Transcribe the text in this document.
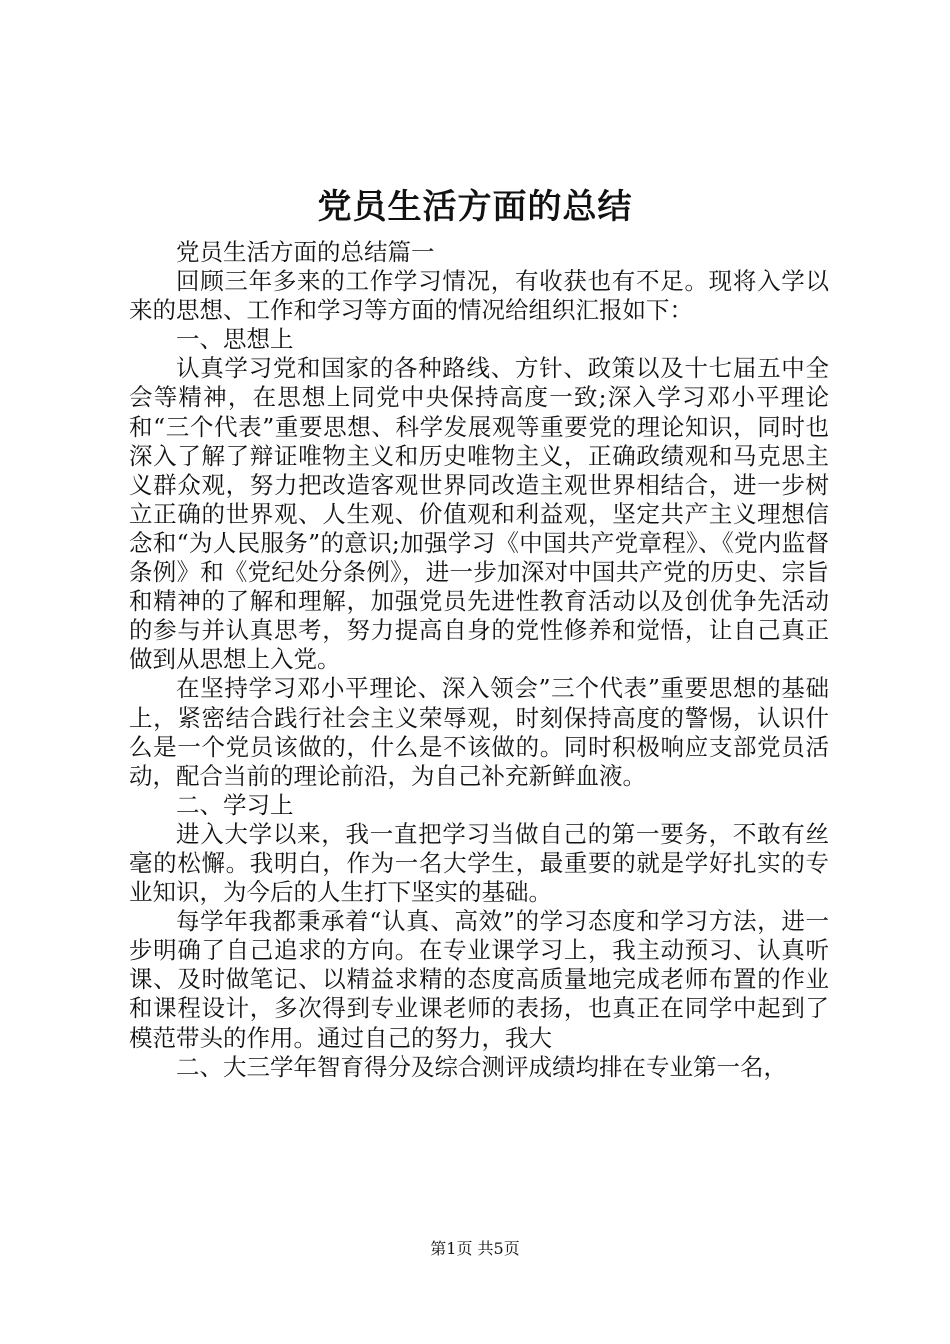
党员生活方面的总结

党员生活方面的总结篇一

回顾三年多来的工作学习情况，有收获也有不足。现将入学以来的思想、工作和学习等方面的情况给组织汇报如下：

一、思想上

认真学习党和国家的各种路线、方针、政策以及十七届五中全会等精神，在思想上同党中央保持高度一致;深入学习邓小平理论和“三个代表”重要思想、科学发展观等重要党的理论知识，同时也深入了解了辩证唯物主义和历史唯物主义，正确政绩观和马克思主义群众观，努力把改造客观世界同改造主观世界相结合，进一步树立正确的世界观、人生观、价值观和利益观，坚定共产主义理想信念和“为人民服务”的意识;加强学习《中国共产党章程》、《党内监督条例》和《党纪处分条例》，进一步加深对中国共产党的历史、宗旨和精神的了解和理解，加强党员先进性教育活动以及创优争先活动的参与并认真思考，努力提高自身的党性修养和觉悟，让自己真正做到从思想上入党。

在坚持学习邓小平理论、深入领会”三个代表”重要思想的基础上，紧密结合践行社会主义荣辱观，时刻保持高度的警惕，认识什么是一个党员该做的，什么是不该做的。同时积极响应支部党员活动，配合当前的理论前沿，为自己补充新鲜血液。

二、学习上

进入大学以来，我一直把学习当做自己的第一要务，不敢有丝毫的松懈。我明白，作为一名大学生，最重要的就是学好扎实的专业知识，为今后的人生打下坚实的基础。

每学年我都秉承着“认真、高效”的学习态度和学习方法，进一步明确了自己追求的方向。在专业课学习上，我主动预习、认真听课、及时做笔记、以精益求精的态度高质量地完成老师布置的作业和课程设计，多次得到专业课老师的表扬，也真正在同学中起到了模范带头的作用。通过自己的努力，我大

二、大三学年智育得分及综合测评成绩均排在专业第一名，

第1页 共5页
